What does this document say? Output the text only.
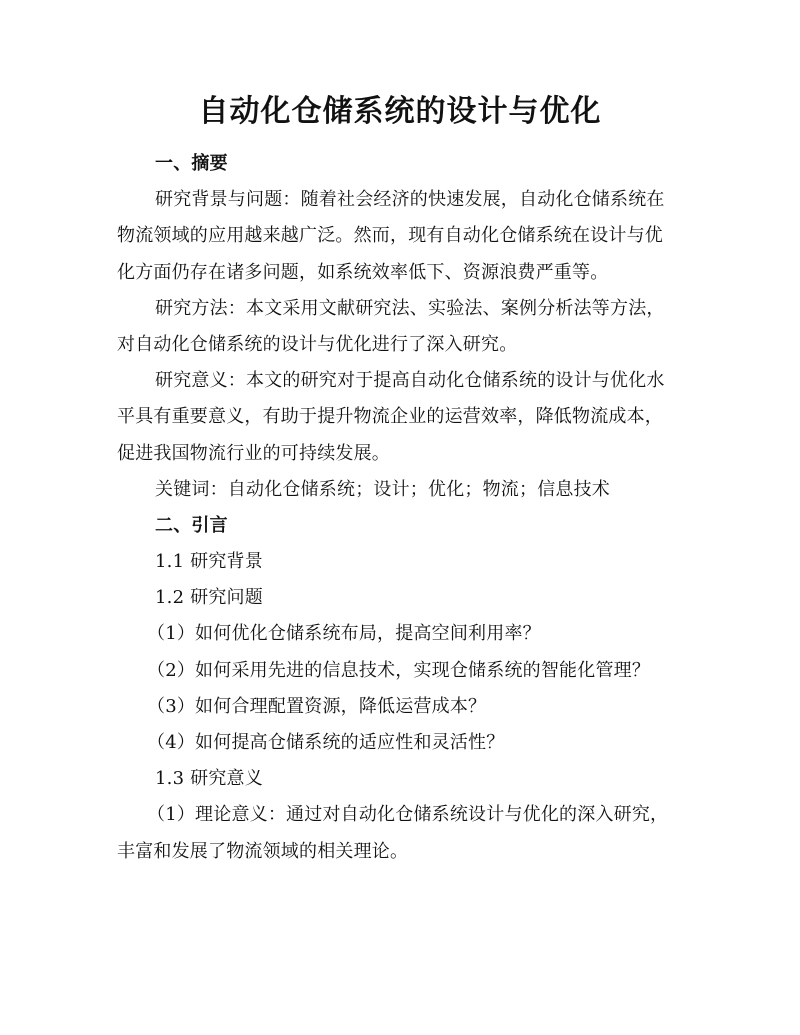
自动化仓储系统的设计与优化

一、摘要

研究背景与问题：随着社会经济的快速发展，自动化仓储系统在

物流领域的应用越来越广泛。然而，现有自动化仓储系统在设计与优

化方面仍存在诸多问题，如系统效率低下、资源浪费严重等。

研究方法：本文采用文献研究法、实验法、案例分析法等方法，

对自动化仓储系统的设计与优化进行了深入研究。

研究意义：本文的研究对于提高自动化仓储系统的设计与优化水

平具有重要意义，有助于提升物流企业的运营效率，降低物流成本，

促进我国物流行业的可持续发展。

关键词：自动化仓储系统；设计；优化；物流；信息技术

二、引言

1.1 研究背景

1.2 研究问题

（1）如何优化仓储系统布局，提高空间利用率？

（2）如何采用先进的信息技术，实现仓储系统的智能化管理？

（3）如何合理配置资源，降低运营成本？

（4）如何提高仓储系统的适应性和灵活性？

1.3 研究意义

（1）理论意义：通过对自动化仓储系统设计与优化的深入研究，

丰富和发展了物流领域的相关理论。
